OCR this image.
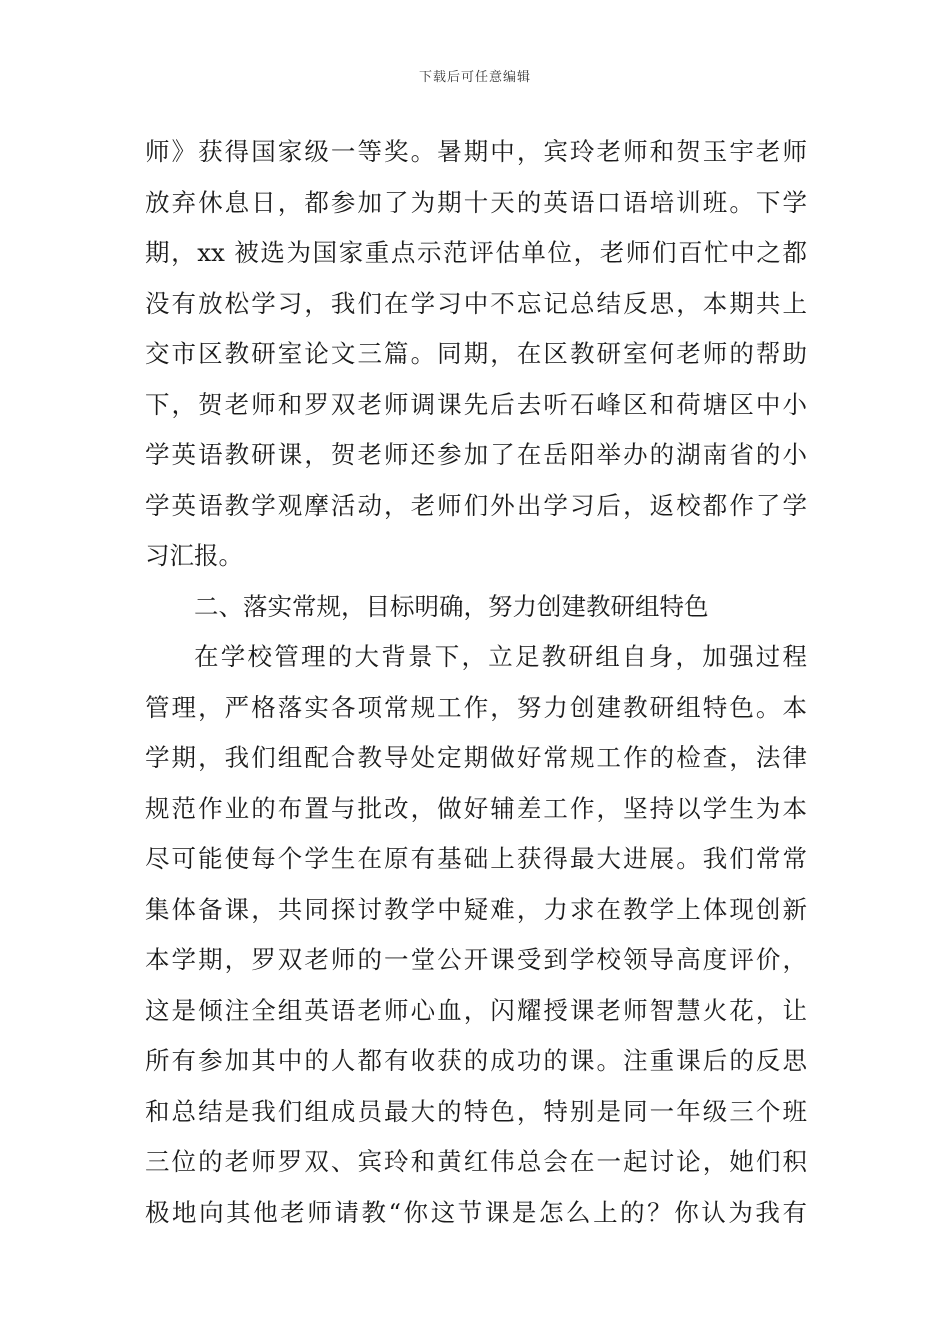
下载后可任意编辑
师》获得国家级一等奖。暑期中，宾玲老师和贺玉宇老师
放弃休息日，都参加了为期十天的英语口语培训班。下学
期，xx 被选为国家重点示范评估单位，老师们百忙中之都
没有放松学习，我们在学习中不忘记总结反思，本期共上
交市区教研室论文三篇。同期，在区教研室何老师的帮助
下，贺老师和罗双老师调课先后去听石峰区和荷塘区中小
学英语教研课，贺老师还参加了在岳阳举办的湖南省的小
学英语教学观摩活动，老师们外出学习后，返校都作了学
习汇报。
二、落实常规，目标明确，努力创建教研组特色
在学校管理的大背景下，立足教研组自身，加强过程
管理，严格落实各项常规工作，努力创建教研组特色。本
学期，我们组配合教导处定期做好常规工作的检查，法律
规范作业的布置与批改，做好辅差工作，坚持以学生为本
尽可能使每个学生在原有基础上获得最大进展。我们常常
集体备课，共同探讨教学中疑难，力求在教学上体现创新
本学期，罗双老师的一堂公开课受到学校领导高度评价，
这是倾注全组英语老师心血，闪耀授课老师智慧火花，让
所有参加其中的人都有收获的成功的课。注重课后的反思
和总结是我们组成员最大的特色，特别是同一年级三个班
三位的老师罗双、宾玲和黄红伟总会在一起讨论，她们积
极地向其他老师请教“你这节课是怎么上的？你认为我有
